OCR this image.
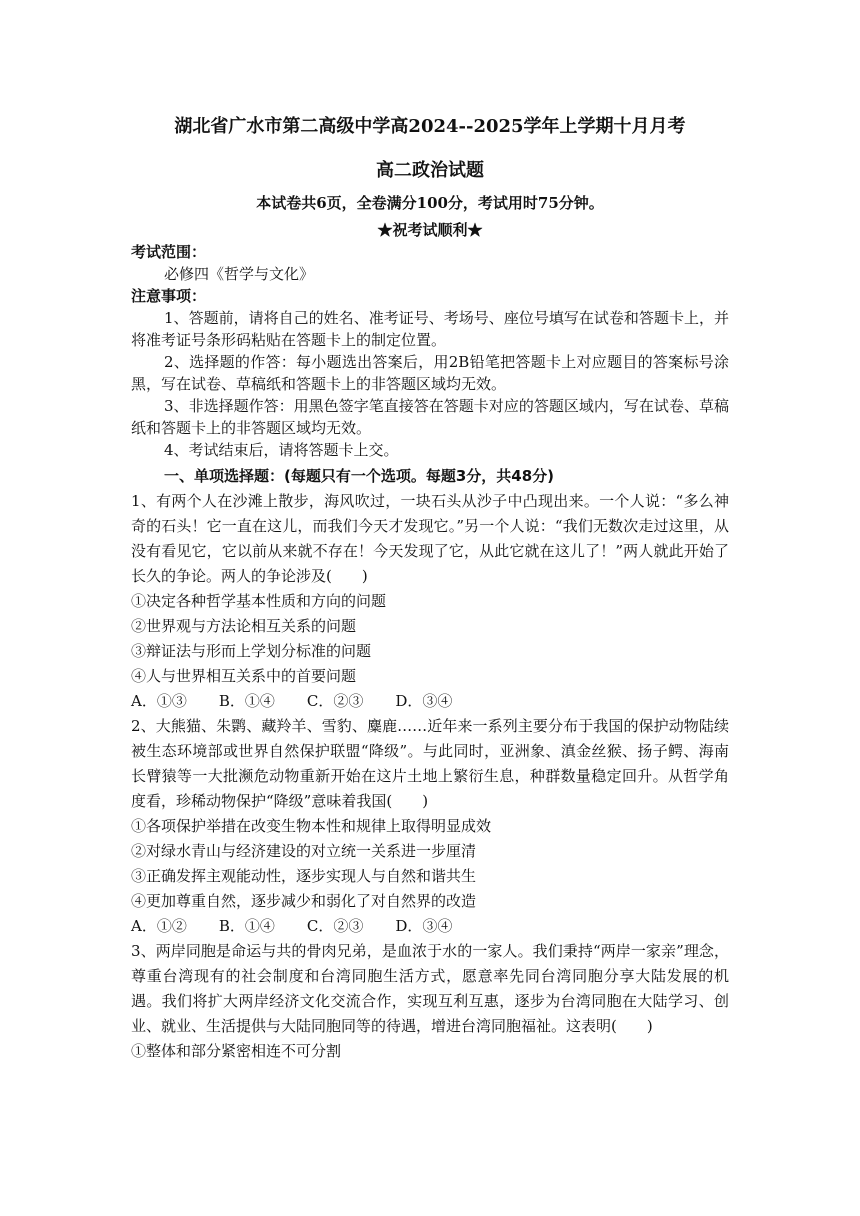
湖北省广水市第二高级中学高2024--2025学年上学期十月月考
高二政治试题
本试卷共6页，全卷满分100分，考试用时75分钟。
★祝考试顺利★
考试范围：
必修四《哲学与文化》
注意事项：
1、答题前，请将自己的姓名、准考证号、考场号、座位号填写在试卷和答题卡上，并将准考证号条形码粘贴在答题卡上的制定位置。
2、选择题的作答：每小题选出答案后，用2B铅笔把答题卡上对应题目的答案标号涂黑，写在试卷、草稿纸和答题卡上的非答题区域均无效。
3、非选择题作答：用黑色签字笔直接答在答题卡对应的答题区域内，写在试卷、草稿纸和答题卡上的非答题区域均无效。
4、考试结束后，请将答题卡上交。
一、单项选择题：(每题只有一个选项。每题3分，共48分)
1、有两个人在沙滩上散步，海风吹过，一块石头从沙子中凸现出来。一个人说：“多么神奇的石头！它一直在这儿，而我们今天才发现它。”另一个人说：“我们无数次走过这里，从没有看见它，它以前从来就不存在！今天发现了它，从此它就在这儿了！”两人就此开始了长久的争论。两人的争论涉及(　　)
①决定各种哲学基本性质和方向的问题
②世界观与方法论相互关系的问题
③辩证法与形而上学划分标准的问题
④人与世界相互关系中的首要问题
A．①③ B．①④ C．②③ D．③④
2、大熊猫、朱鹮、藏羚羊、雪豹、麋鹿……近年来一系列主要分布于我国的保护动物陆续被生态环境部或世界自然保护联盟“降级”。与此同时，亚洲象、滇金丝猴、扬子鳄、海南长臂猿等一大批濒危动物重新开始在这片土地上繁衍生息，种群数量稳定回升。从哲学角度看，珍稀动物保护“降级”意味着我国(　　)
①各项保护举措在改变生物本性和规律上取得明显成效
②对绿水青山与经济建设的对立统一关系进一步厘清
③正确发挥主观能动性，逐步实现人与自然和谐共生
④更加尊重自然，逐步减少和弱化了对自然界的改造
A．①② B．①④ C．②③ D．③④
3、两岸同胞是命运与共的骨肉兄弟，是血浓于水的一家人。我们秉持“两岸一家亲”理念，尊重台湾现有的社会制度和台湾同胞生活方式，愿意率先同台湾同胞分享大陆发展的机遇。我们将扩大两岸经济文化交流合作，实现互利互惠，逐步为台湾同胞在大陆学习、创业、就业、生活提供与大陆同胞同等的待遇，增进台湾同胞福祉。这表明(　　)
①整体和部分紧密相连不可分割
